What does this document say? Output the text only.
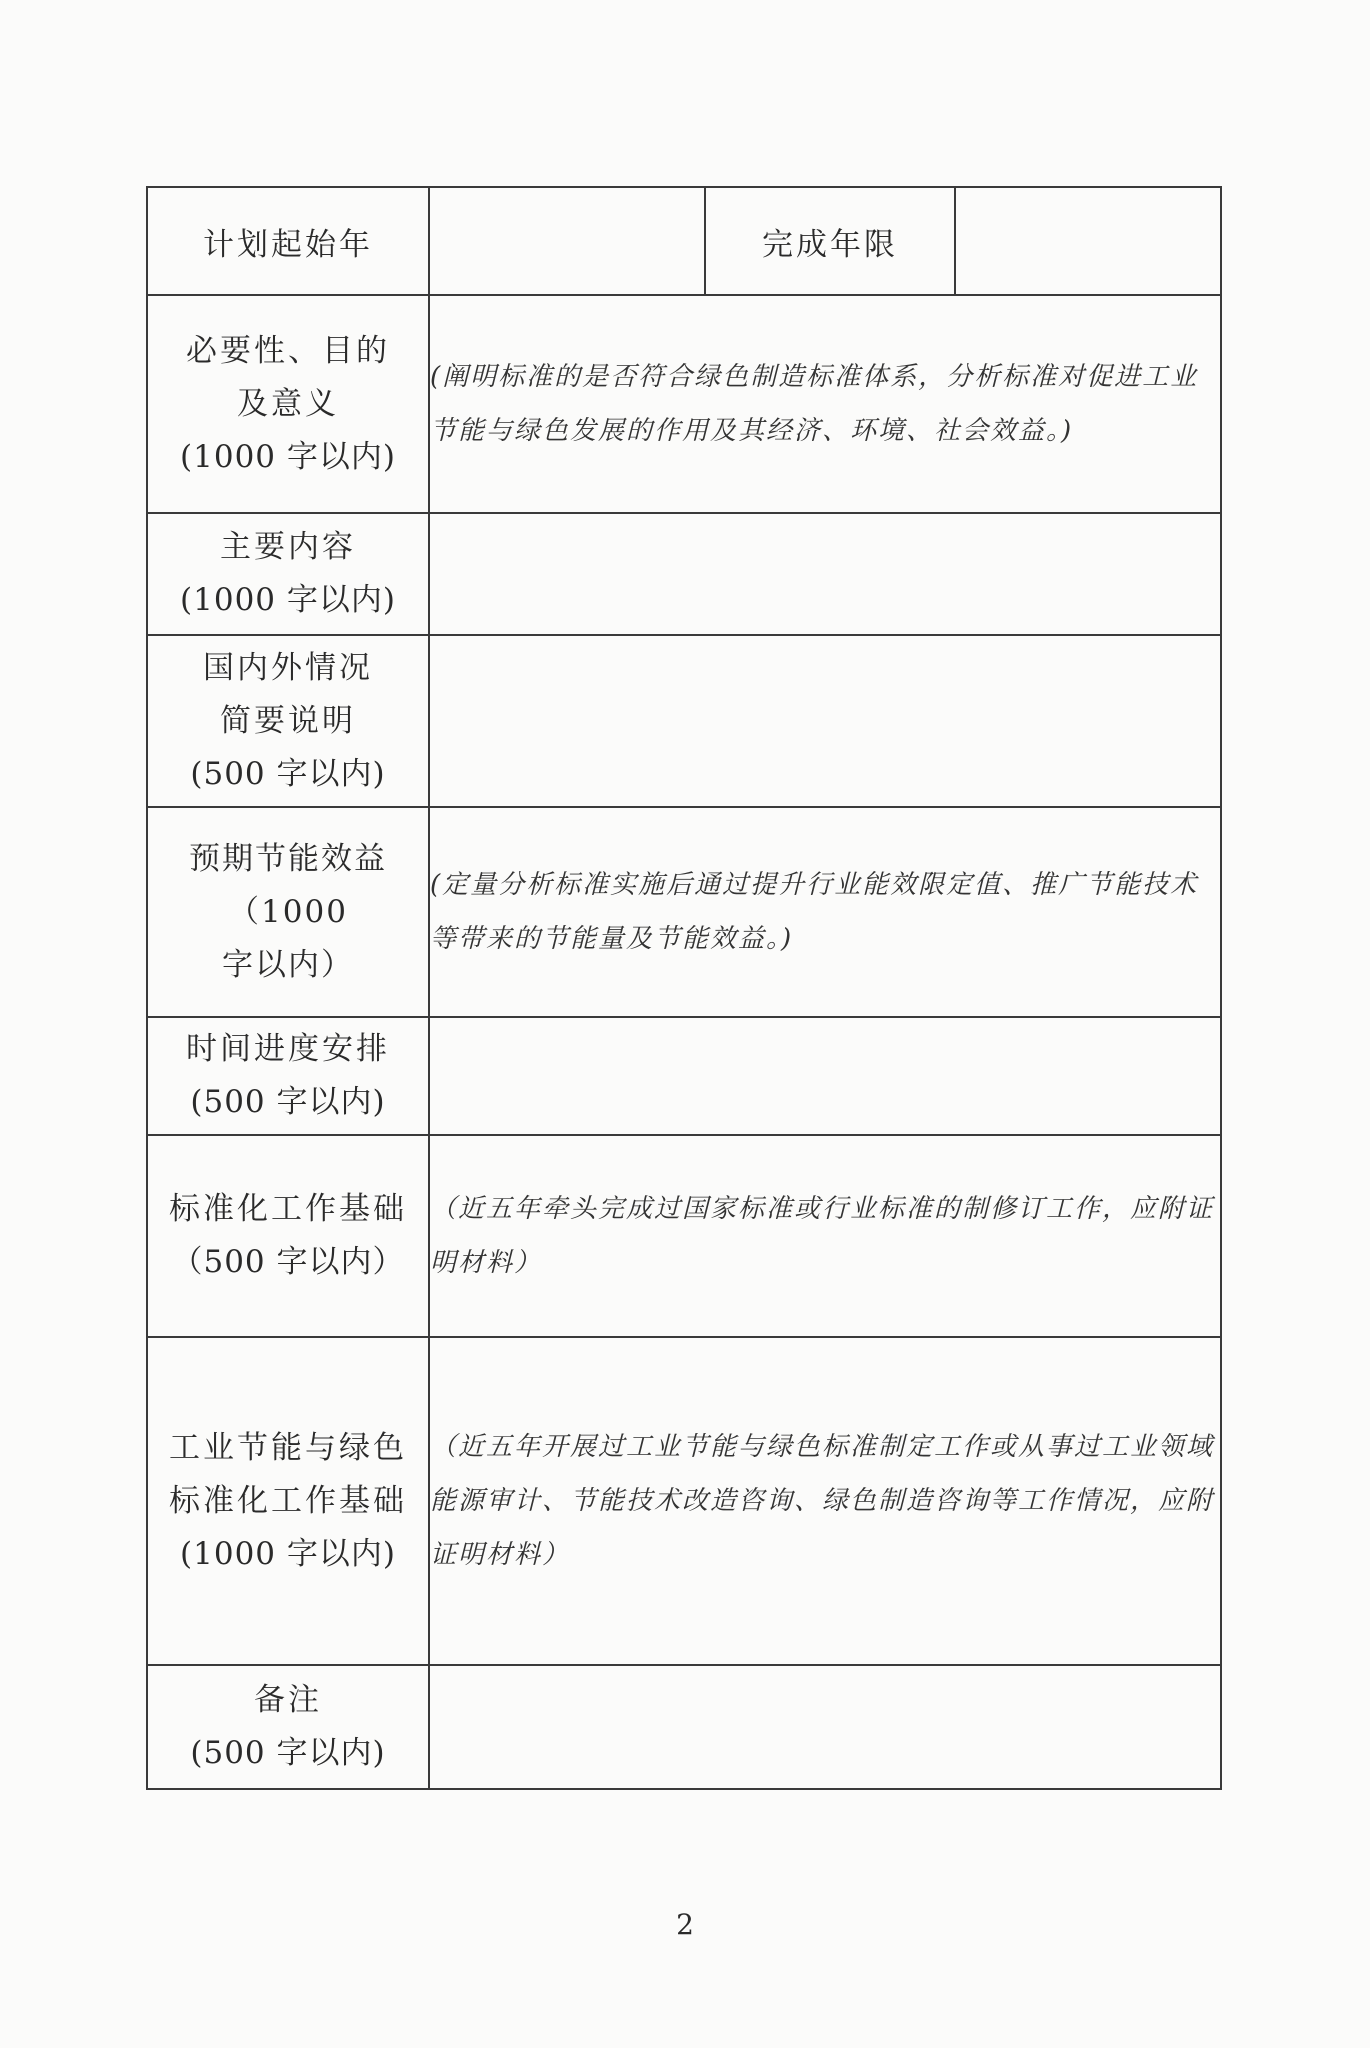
计划起始年		完成年限	

必要性、目的
及意义
(1000 字以内)	(阐明标准的是否符合绿色制造标准体系，分析标准对促进工业节能与绿色发展的作用及其经济、环境、社会效益。)		

主要内容
(1000 字以内)			

国内外情况
简要说明
(500 字以内)			

预期节能效益（1000
字以内）	(定量分析标准实施后通过提升行业能效限定值、推广节能技术等带来的节能量及节能效益。)		

时间进度安排
(500 字以内)			

标准化工作基础
（500 字以内）	（近五年牵头完成过国家标准或行业标准的制修订工作，应附证明材料）		

工业节能与绿色
标准化工作基础
(1000 字以内)	（近五年开展过工业节能与绿色标准制定工作或从事过工业领域能源审计、节能技术改造咨询、绿色制造咨询等工作情况，应附证明材料）		

备注
(500 字以内)			

2
